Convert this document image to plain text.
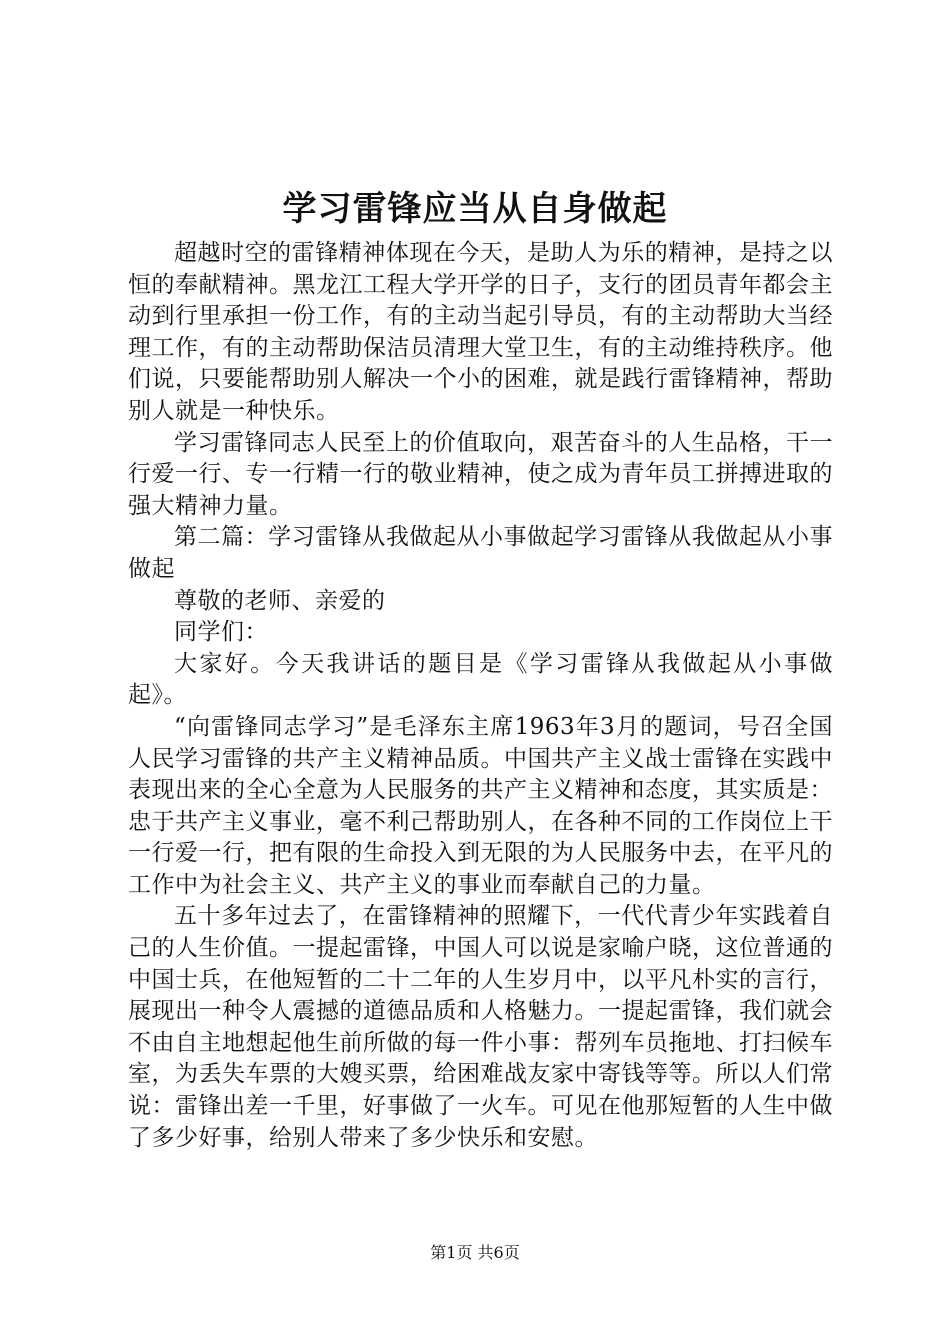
学习雷锋应当从自身做起

超越时空的雷锋精神体现在今天，是助人为乐的精神，是持之以恒的奉献精神。黑龙江工程大学开学的日子，支行的团员青年都会主动到行里承担一份工作，有的主动当起引导员，有的主动帮助大当经理工作，有的主动帮助保洁员清理大堂卫生，有的主动维持秩序。他们说，只要能帮助别人解决一个小的困难，就是践行雷锋精神，帮助别人就是一种快乐。

学习雷锋同志人民至上的价值取向，艰苦奋斗的人生品格，干一行爱一行、专一行精一行的敬业精神，使之成为青年员工拼搏进取的强大精神力量。

第二篇：学习雷锋从我做起从小事做起学习雷锋从我做起从小事做起

尊敬的老师、亲爱的

同学们：

大家好。今天我讲话的题目是《学习雷锋从我做起从小事做起》。

“向雷锋同志学习”是毛泽东主席1963年3月的题词，号召全国人民学习雷锋的共产主义精神品质。中国共产主义战士雷锋在实践中表现出来的全心全意为人民服务的共产主义精神和态度，其实质是：忠于共产主义事业，毫不利己帮助别人，在各种不同的工作岗位上干一行爱一行，把有限的生命投入到无限的为人民服务中去，在平凡的工作中为社会主义、共产主义的事业而奉献自己的力量。

五十多年过去了，在雷锋精神的照耀下，一代代青少年实践着自己的人生价值。一提起雷锋，中国人可以说是家喻户晓，这位普通的中国士兵，在他短暂的二十二年的人生岁月中，以平凡朴实的言行，展现出一种令人震撼的道德品质和人格魅力。一提起雷锋，我们就会不由自主地想起他生前所做的每一件小事：帮列车员拖地、打扫候车室，为丢失车票的大嫂买票，给困难战友家中寄钱等等。所以人们常说：雷锋出差一千里，好事做了一火车。可见在他那短暂的人生中做了多少好事，给别人带来了多少快乐和安慰。

第1页 共6页
